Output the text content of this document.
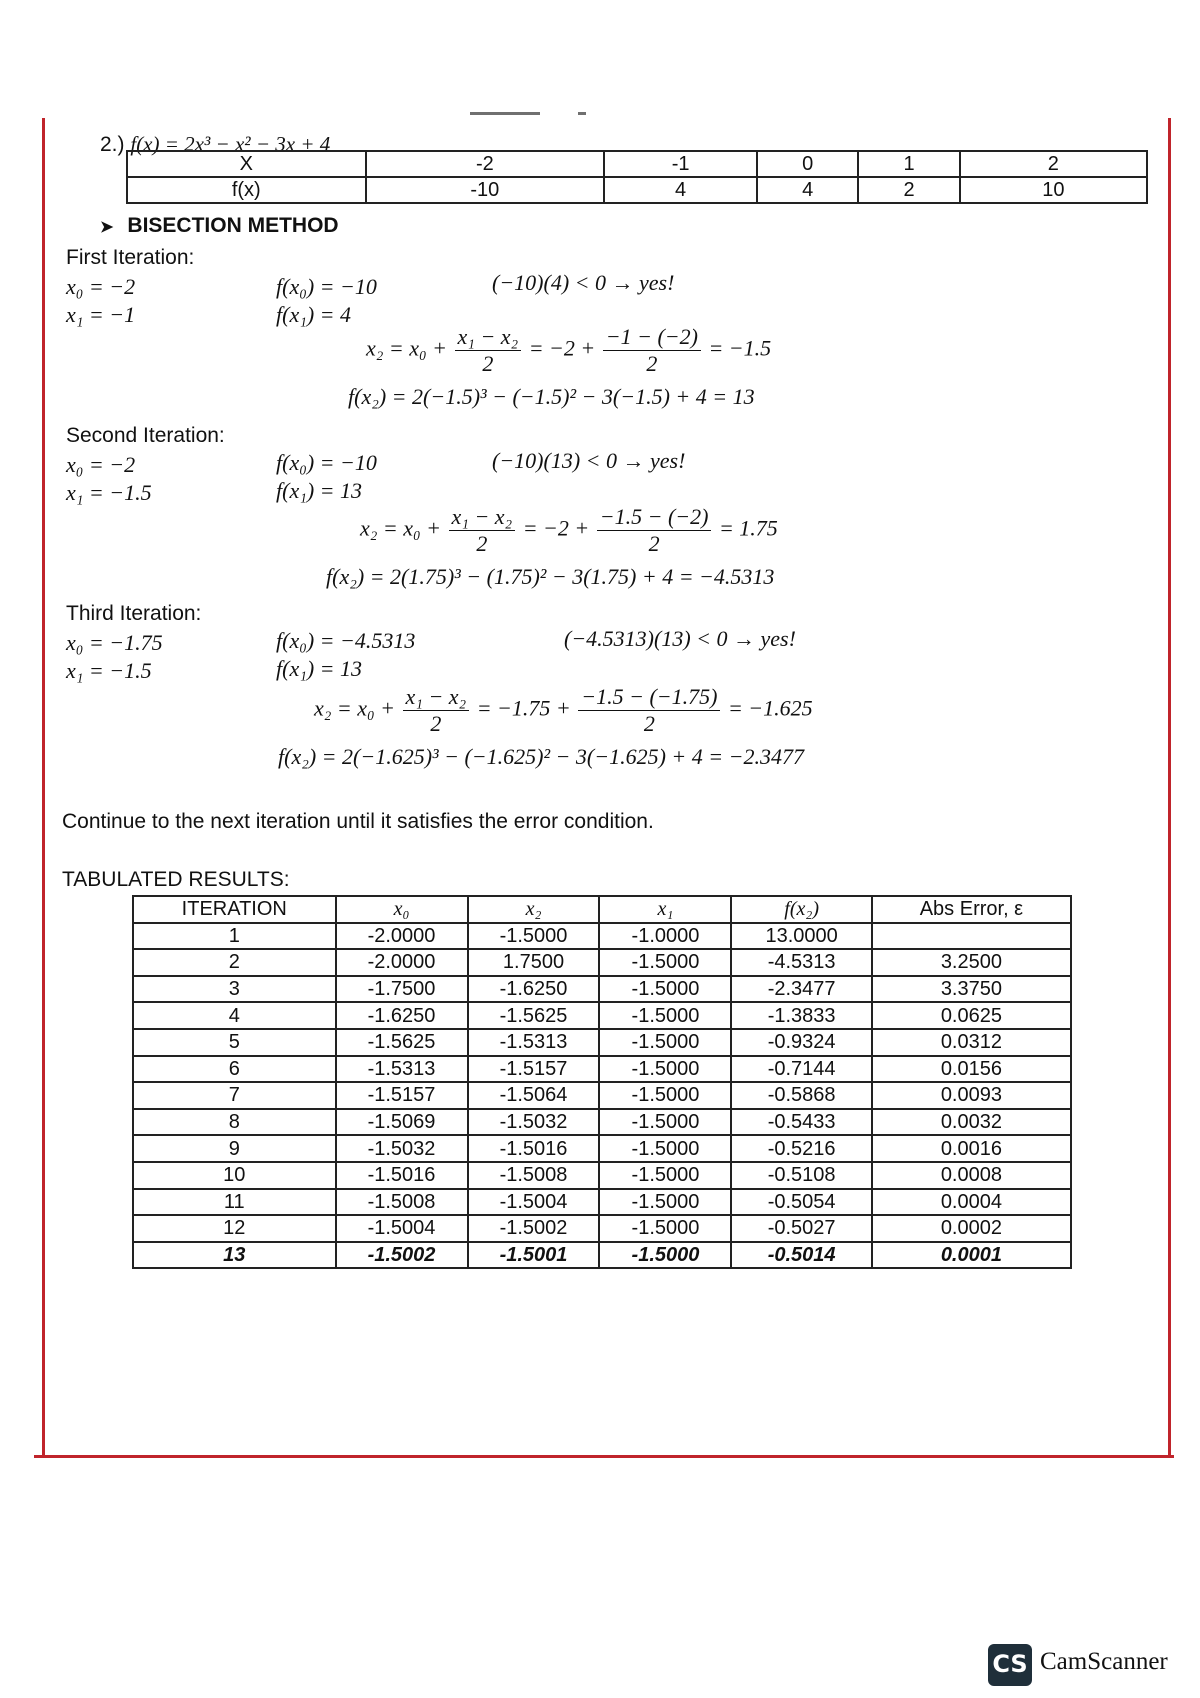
2.) f(x) = 2x³ − x² − 3x + 4
X	-2	-1	0	1	2
f(x)	-10	4	4	2	10
➤ BISECTION METHOD
First Iteration:
x₀ = −2
x₁ = −1
f(x₀) = −10
f(x₁) = 4
(−10)(4) < 0 → yes!
$x_2 = x_0 + \frac{\text{x₁ − x₂}}{2} = -2 + \frac{-1 - (-2)}{2} = -1.5$
f(x₂) = 2(−1.5)³ − (−1.5)² − 3(−1.5) + 4 = 13
Second Iteration:
x₀ = −2
x₁ = −1.5
f(x₀) = −10
f(x₁) = 13
(−10)(13) < 0 → yes!
$x_2 = x_0 + \frac{\text{x₁ − x₂}}{2} = -2 + \frac{-1.5 - (-2)}{2} = 1.75$
f(x₂) = 2(1.75)³ − (1.75)² − 3(1.75) + 4 = −4.5313
Third Iteration:
x₀ = −1.75
x₁ = −1.5
f(x₀) = −4.5313
f(x₁) = 13
(−4.5313)(13) < 0 → yes!
$x_2 = x_0 + \frac{\text{x₁ − x₂}}{2} = -1.75 + \frac{-1.5 - (-1.75)}{2} = -1.625$
f(x₂) = 2(−1.625)³ − (−1.625)² − 3(−1.625) + 4 = −2.3477
Continue to the next iteration until it satisfies the error condition.
TABULATED RESULTS:
ITERATION	x₀	x₂	x₁	f(x₂)	Abs Error, ε
1	-2.0000	-1.5000	-1.0000	13.0000	
2	-2.0000	1.7500	-1.5000	-4.5313	3.2500
3	-1.7500	-1.6250	-1.5000	-2.3477	3.3750
4	-1.6250	-1.5625	-1.5000	-1.3833	0.0625
5	-1.5625	-1.5313	-1.5000	-0.9324	0.0312
6	-1.5313	-1.5157	-1.5000	-0.7144	0.0156
7	-1.5157	-1.5064	-1.5000	-0.5868	0.0093
8	-1.5069	-1.5032	-1.5000	-0.5433	0.0032
9	-1.5032	-1.5016	-1.5000	-0.5216	0.0016
10	-1.5016	-1.5008	-1.5000	-0.5108	0.0008
11	-1.5008	-1.5004	-1.5000	-0.5054	0.0004
12	-1.5004	-1.5002	-1.5000	-0.5027	0.0002
13	-1.5002	-1.5001	-1.5000	-0.5014	0.0001
CS CamScanner
